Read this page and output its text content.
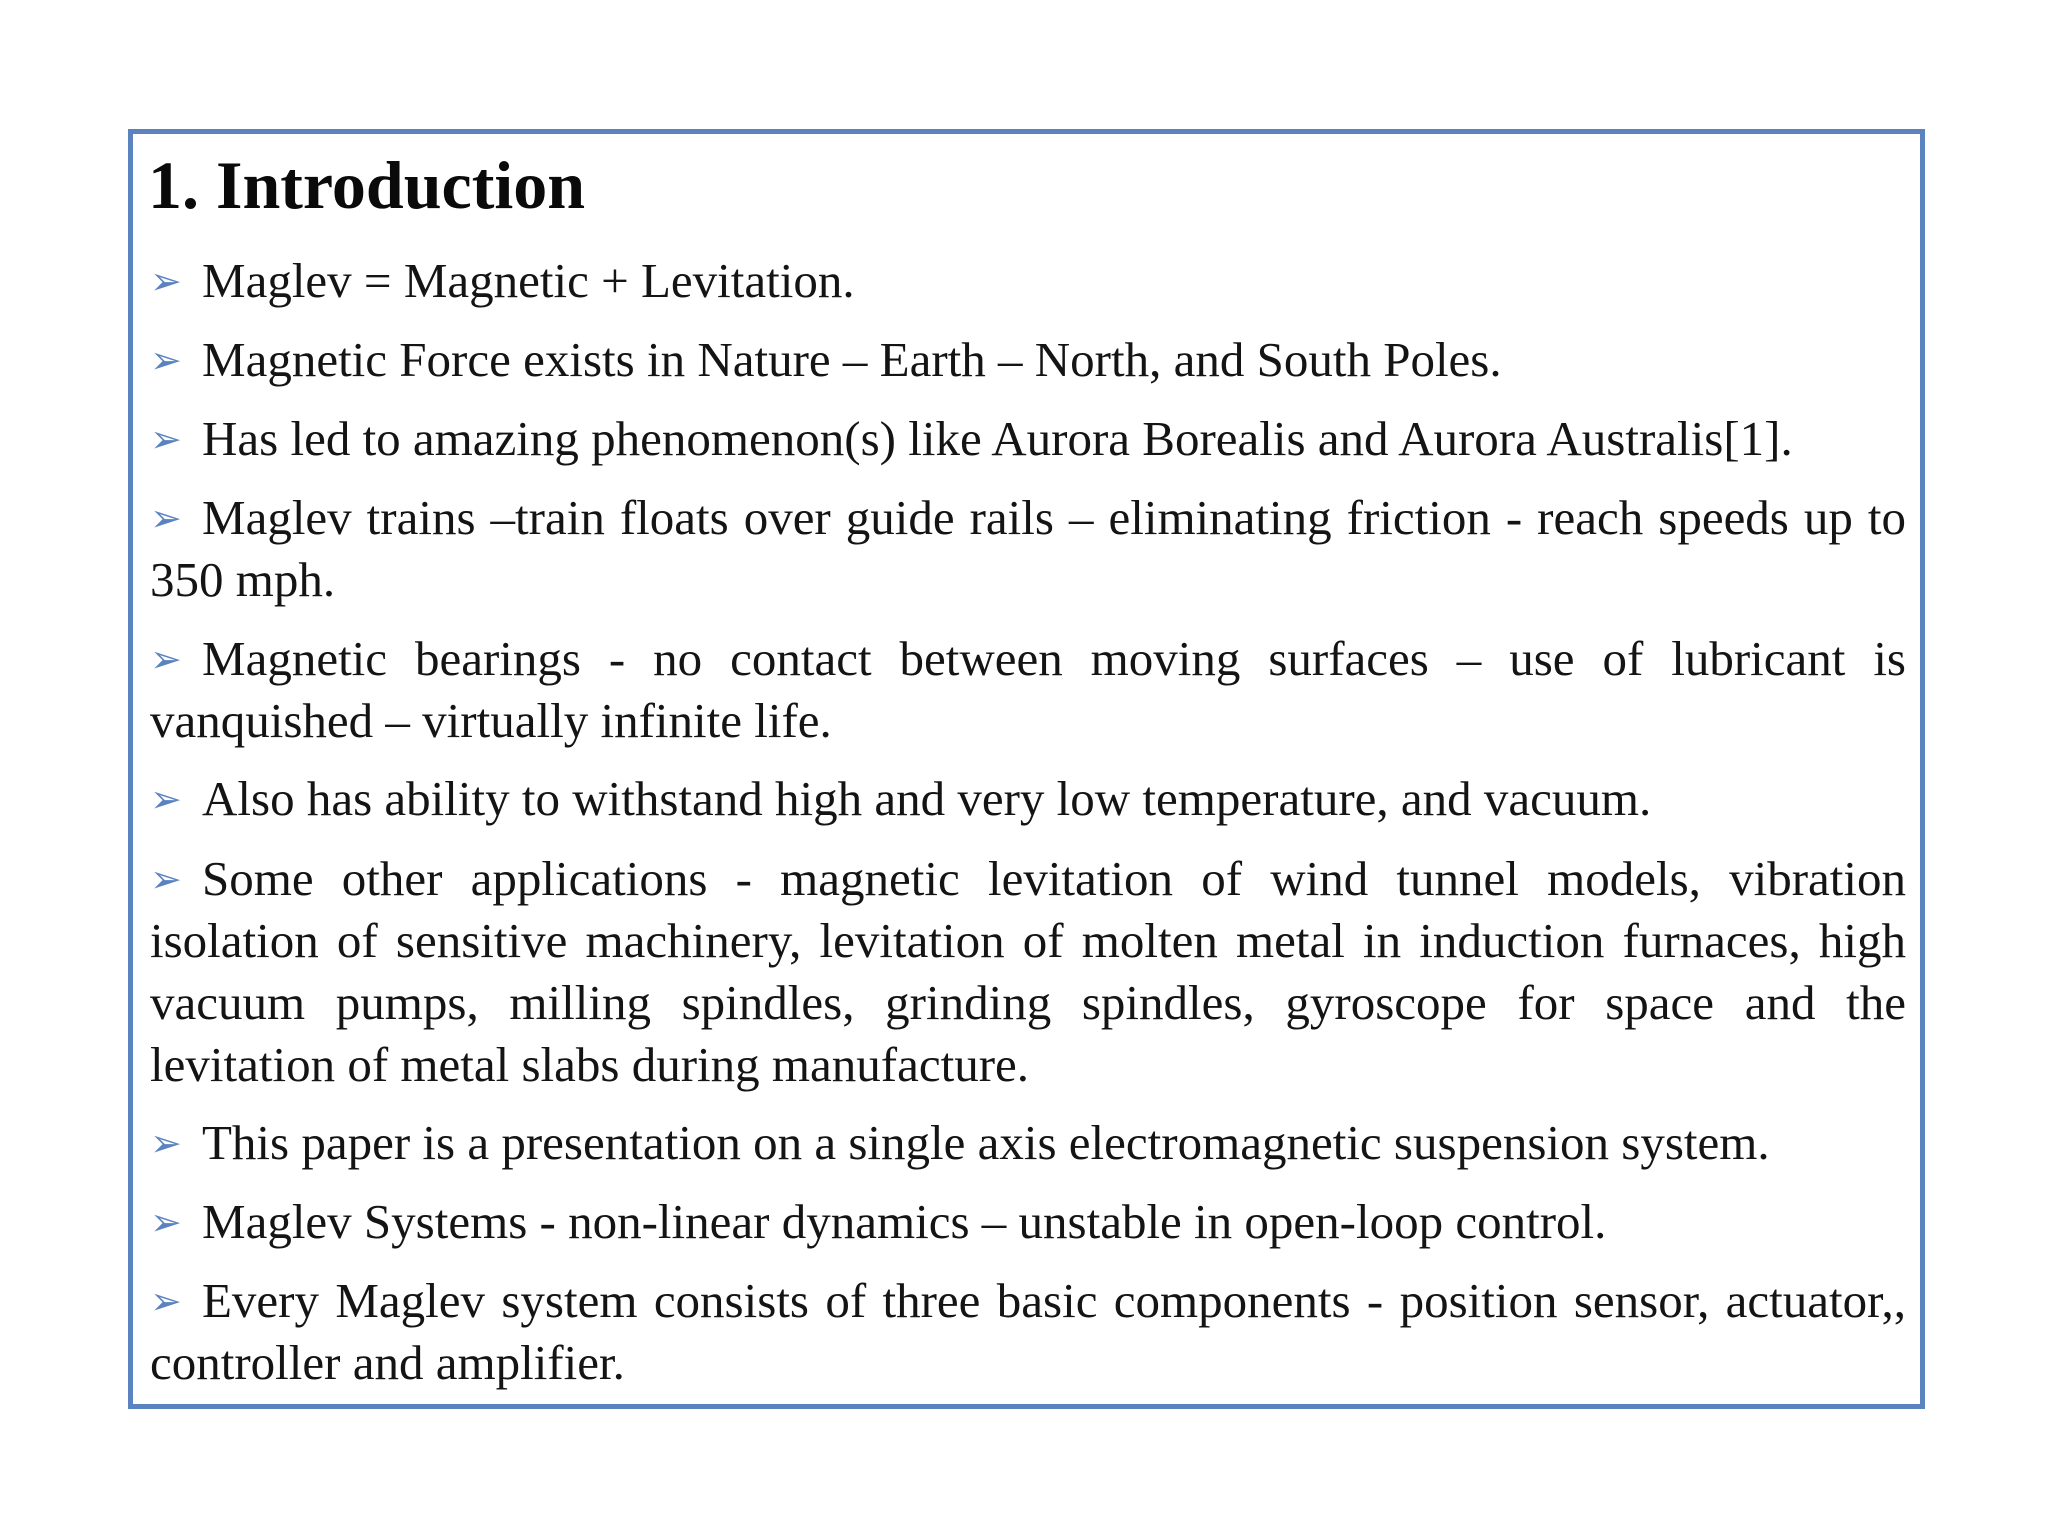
1. Introduction

➢ Maglev = Magnetic + Levitation.

➢ Magnetic Force exists in Nature – Earth – North, and South Poles.

➢ Has led to amazing phenomenon(s) like Aurora Borealis and Aurora Australis[1].

➢ Maglev trains –train floats over guide rails – eliminating friction - reach speeds up to 350 mph.

➢ Magnetic bearings - no contact between moving surfaces – use of lubricant is vanquished – virtually infinite life.

➢ Also has ability to withstand high and very low temperature, and vacuum.

➢ Some other applications - magnetic levitation of wind tunnel models, vibration isolation of sensitive machinery, levitation of molten metal in induction furnaces, high vacuum pumps, milling spindles, grinding spindles, gyroscope for space and the levitation of metal slabs during manufacture.

➢ This paper is a presentation on a single axis electromagnetic suspension system.

➢ Maglev Systems - non-linear dynamics – unstable in open-loop control.

➢ Every Maglev system consists of three basic components - position sensor, actuator,, controller and amplifier.
